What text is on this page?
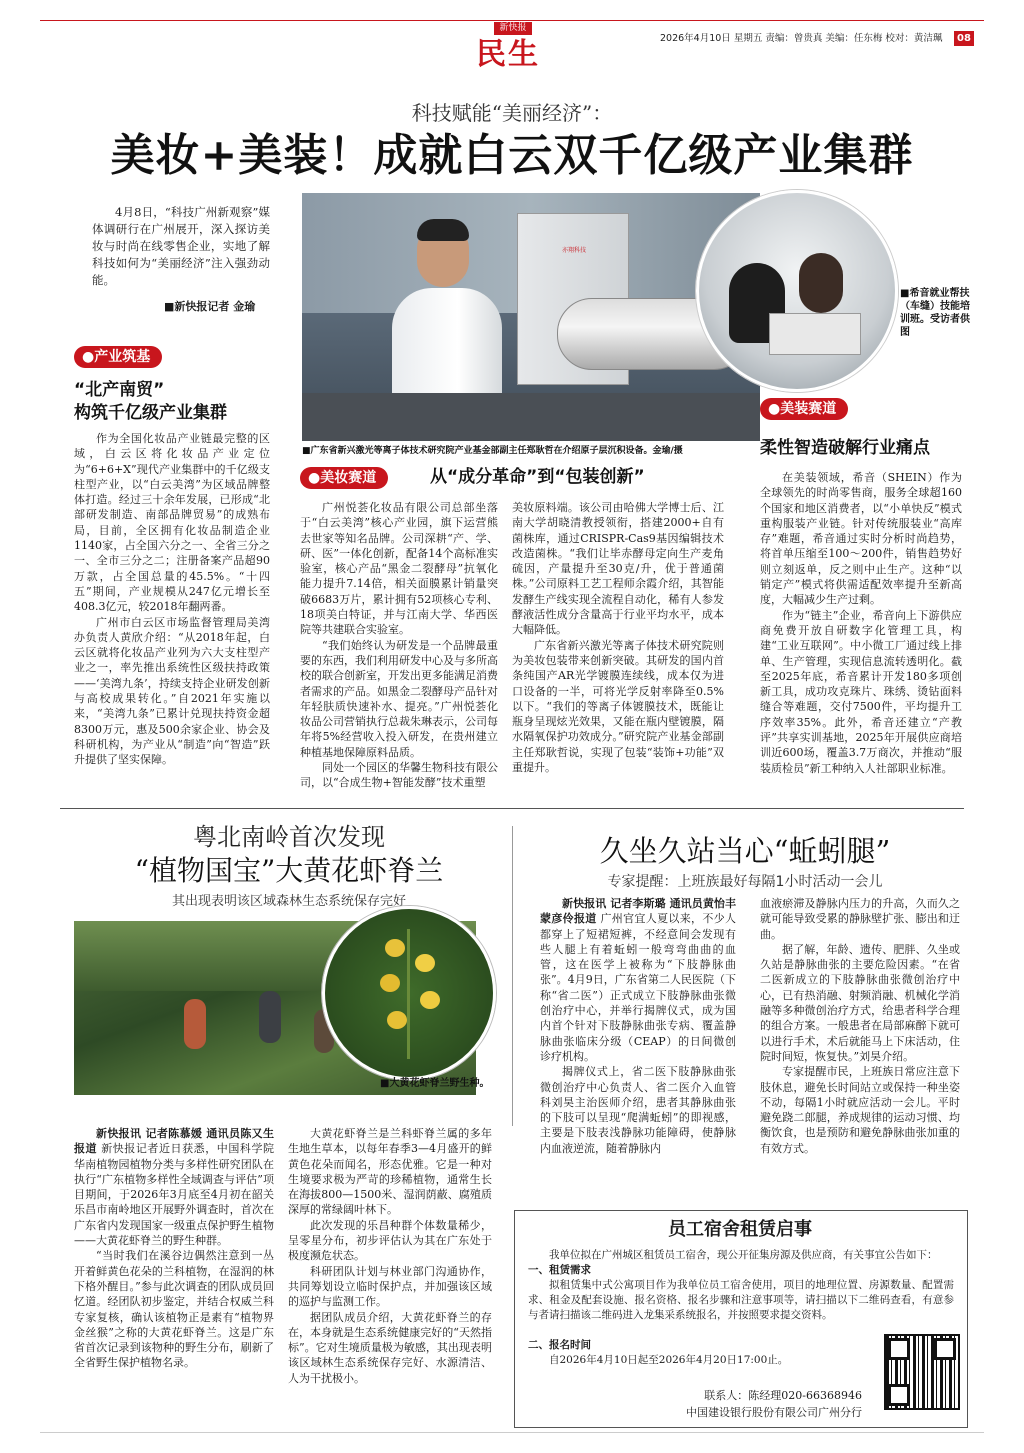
新快报
民生	2026年4月10日 星期五 责编：曾贵真 美编：任东梅 校对：黄洁珮	08
科技赋能“美丽经济”：
美妆+美装！成就白云双千亿级产业集群

4月8日，“科技广州新观察”媒体调研行在广州展开，深入探访美妆与时尚在线零售企业，实地了解科技如何为“美丽经济”注入强劲动能。

■新快报记者 金瑜
亦翔科技
■广东省新兴激光等离子体技术研究院产业基金部副主任郑耿哲在介绍原子层沉积设备。金瑜/摄
■希音就业帮扶（车缝）技能培训班。受访者供图
●产业筑基
“北产南贸”
构筑千亿级产业集群

作为全国化妆品产业链最完整的区域，白云区将化妆品产业定位为“6+6+X”现代产业集群中的千亿级支柱型产业，以“白云美湾”为区域品牌整体打造。经过三十余年发展，已形成“北部研发制造、南部品牌贸易”的成熟布局，目前，全区拥有化妆品制造企业1140家，占全国六分之一、全省三分之一、全市三分之二；注册备案产品超90万款，占全国总量的45.5%。“十四五”期间，产业规模从247亿元增长至408.3亿元，较2018年翻两番。

广州市白云区市场监督管理局美湾办负责人黄欣介绍：“从2018年起，白云区就将化妆品产业列为六大支柱型产业之一，率先推出系统性区级扶持政策——‘美湾九条’，持续支持企业研发创新与高校成果转化。”自2021年实施以来，“美湾九条”已累计兑现扶持资金超8300万元，惠及500余家企业、协会及科研机构，为产业从“制造”向“智造”跃升提供了坚实保障。

●美妆赛道	从“成分革命”到“包装创新”

广州悦荟化妆品有限公司总部坐落于“白云美湾”核心产业园，旗下运营熊去世家等知名品牌。公司深耕“产、学、研、医”一体化创新，配备14个高标准实验室，核心产品“黑金二裂酵母”抗氧化能力提升7.14倍，相关面膜累计销量突破6683万片，累计拥有52项核心专利、18项美白特证，并与江南大学、华西医院等共建联合实验室。

“我们始终认为研发是一个品牌最重要的东西，我们利用研发中心及与多所高校的联合创新室，开发出更多能满足消费者需求的产品。如黑金二裂酵母产品针对年轻肤质快速补水、提亮。”广州悦荟化妆品公司营销执行总裁朱琳表示，公司每年将5%经营收入投入研发，在贵州建立种植基地保障原料品质。

同处一个园区的华馨生物科技有限公司，以“合成生物+智能发酵”技术重塑

美妆原料端。该公司由哈佛大学博士后、江南大学胡晓清教授领衔，搭建2000+自有菌株库，通过CRISPR-Cas9基因编辑技术改造菌株。“我们让毕赤酵母定向生产麦角硫因，产量提升至30克/升，优于普通菌株。”公司原料工艺工程师余霞介绍，其智能发酵生产线实现全流程自动化，稀有人参发酵液活性成分含量高于行业平均水平，成本大幅降低。

广东省新兴激光等离子体技术研究院则为美妆包装带来创新突破。其研发的国内首条纯国产AR光学镀膜连续线，成本仅为进口设备的一半，可将光学反射率降至0.5%以下。“我们的等离子体镀膜技术，既能让瓶身呈现炫光效果，又能在瓶内壁镀膜，隔水隔氧保护功效成分。”研究院产业基金部副主任郑耿哲说，实现了包装“装饰+功能”双重提升。

●美装赛道
柔性智造破解行业痛点

在美装领域，希音（SHEIN）作为全球领先的时尚零售商，服务全球超160个国家和地区消费者，以“小单快反”模式重构服装产业链。针对传统服装业“高库存”难题，希音通过实时分析时尚趋势，将首单压缩至100～200件，销售趋势好则立刻返单，反之则中止生产。这种“以销定产”模式将供需适配效率提升至新高度，大幅减少生产过剩。

作为“链主”企业，希音向上下游供应商免费开放自研数字化管理工具，构建“工业互联网”。中小微工厂通过线上排单、生产管理，实现信息流转透明化。截至2025年底，希音累计开发180多项创新工具，成功攻克珠片、珠绣、烫钻面料缝合等难题，交付7500件，平均提升工序效率35%。此外，希音还建立“产教评”共享实训基地，2025年开展供应商培训近600场，覆盖3.7万商次，并推动“服装质检员”新工种纳入人社部职业标准。

粤北南岭首次发现
“植物国宝”大黄花虾脊兰
其出现表明该区域森林生态系统保存完好
■大黄花虾脊兰野生种。

新快报讯 记者陈慕媛 通讯员陈又生报道 新快报记者近日获悉，中国科学院华南植物园植物分类与多样性研究团队在执行“广东植物多样性全域调查与评估”项目期间，于2026年3月底至4月初在韶关乐昌市南岭地区开展野外调查时，首次在广东省内发现国家一级重点保护野生植物——大黄花虾脊兰的野生种群。

“当时我们在溪谷边偶然注意到一丛开着鲜黄色花朵的兰科植物，在湿润的林下格外醒目。”参与此次调查的团队成员回忆道。经团队初步鉴定，并结合权威兰科专家复核，确认该植物正是素有“植物界金丝猴”之称的大黄花虾脊兰。这是广东省首次记录到该物种的野生分布，刷新了全省野生保护植物名录。

大黄花虾脊兰是兰科虾脊兰属的多年生地生草本，以每年春季3—4月盛开的鲜黄色花朵而闻名，形态优雅。它是一种对生境要求极为严苛的珍稀植物，通常生长在海拔800—1500米、湿润荫蔽、腐殖质深厚的常绿阔叶林下。

此次发现的乐昌种群个体数量稀少，呈零星分布，初步评估认为其在广东处于极度濒危状态。

科研团队计划与林业部门沟通协作，共同筹划设立临时保护点，并加强该区域的巡护与监测工作。

据团队成员介绍，大黄花虾脊兰的存在，本身就是生态系统健康完好的“天然指标”。它对生境质量极为敏感，其出现表明该区域林生态系统保存完好、水源清洁、人为干扰极小。

久坐久站当心“蚯蚓腿”
专家提醒：上班族最好每隔1小时活动一会儿

新快报讯 记者李斯璐 通讯员黄怡丰 蒙彦伶报道 广州官宜人夏以来，不少人都穿上了短裙短裤，不经意间会发现有些人腿上有着蚯蚓一般弯弯曲曲的血管，这在医学上被称为“下肢静脉曲张”。4月9日，广东省第二人民医院（下称“省二医”）正式成立下肢静脉曲张微创治疗中心，并举行揭牌仪式，成为国内首个针对下肢静脉曲张专病、覆盖静脉曲张临床分级（CEAP）的日间微创诊疗机构。

揭牌仪式上，省二医下肢静脉曲张微创治疗中心负责人、省二医介入血管科刘昊主治医师介绍，患者其静脉曲张的下肢可以呈现“爬满蚯蚓”的即视感，主要是下肢表浅静脉功能障碍，使静脉内血液逆流，随着静脉内

血液瘀滞及静脉内压力的升高，久而久之就可能导致受累的静脉壁扩张、膨出和迂曲。

据了解，年龄、遗传、肥胖、久坐或久站是静脉曲张的主要危险因素。“在省二医新成立的下肢静脉曲张微创治疗中心，已有热消融、射频消融、机械化学消融等多种微创治疗方式，给患者科学合理的组合方案。一般患者在局部麻醉下就可以进行手术，术后就能马上下床活动，住院时间短，恢复快。”刘昊介绍。

专家提醒市民，上班族日常应注意下肢休息，避免长时间站立或保持一种坐姿不动，每隔1小时就应活动一会儿。平时避免跷二郎腿，养成规律的运动习惯、均衡饮食，也是预防和避免静脉曲张加重的有效方式。

员工宿舍租赁启事

我单位拟在广州城区租赁员工宿舍，现公开征集房源及供应商，有关事宜公告如下：

一、租赁需求

拟租赁集中式公寓项目作为我单位员工宿舍使用，项目的地理位置、房源数量、配置需求、租金及配套设施、报名资格、报名步骤和注意事项等，请扫描以下二维码查看，有意参与者请扫描该二维码进入龙集采系统报名，并按照要求提交资料。

二、报名时间

自2026年4月10日起至2026年4月20日17:00止。

联系人：陈经理020-66368946
中国建设银行股份有限公司广州分行
